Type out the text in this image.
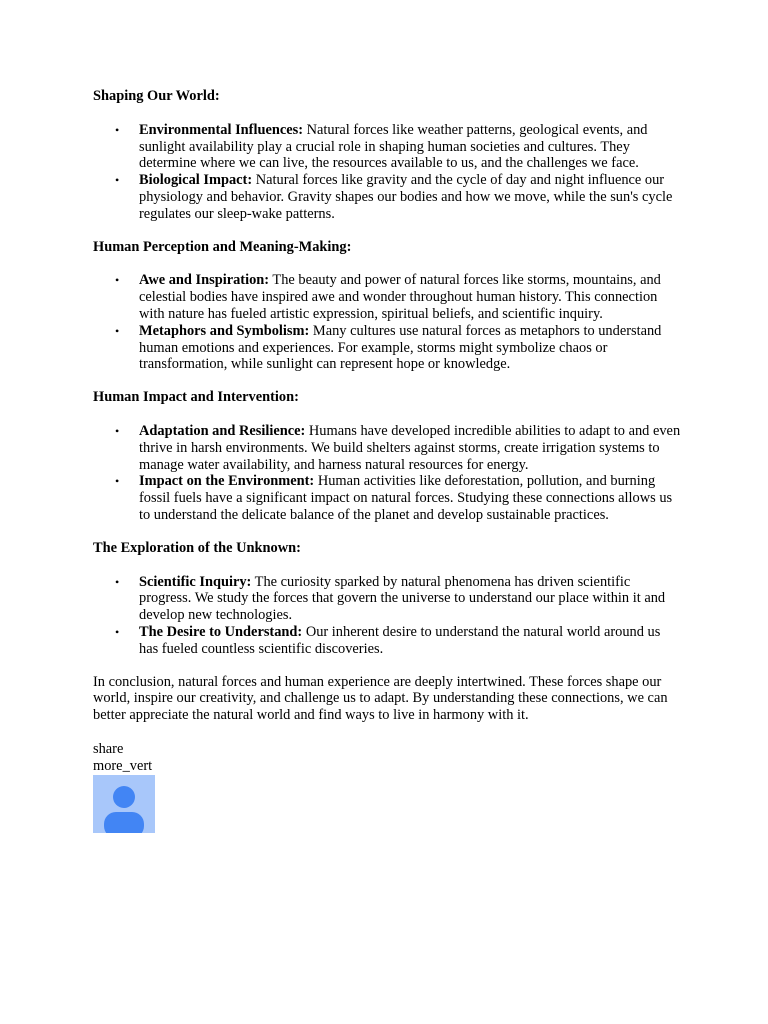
Shaping Our World:

• Environmental Influences: Natural forces like weather patterns, geological events, and sunlight availability play a crucial role in shaping human societies and cultures. They determine where we can live, the resources available to us, and the challenges we face.
• Biological Impact: Natural forces like gravity and the cycle of day and night influence our physiology and behavior. Gravity shapes our bodies and how we move, while the sun's cycle regulates our sleep-wake patterns.

Human Perception and Meaning-Making:

• Awe and Inspiration: The beauty and power of natural forces like storms, mountains, and celestial bodies have inspired awe and wonder throughout human history. This connection with nature has fueled artistic expression, spiritual beliefs, and scientific inquiry.
• Metaphors and Symbolism: Many cultures use natural forces as metaphors to understand human emotions and experiences. For example, storms might symbolize chaos or transformation, while sunlight can represent hope or knowledge.

Human Impact and Intervention:

• Adaptation and Resilience: Humans have developed incredible abilities to adapt to and even thrive in harsh environments. We build shelters against storms, create irrigation systems to manage water availability, and harness natural resources for energy.
• Impact on the Environment: Human activities like deforestation, pollution, and burning fossil fuels have a significant impact on natural forces. Studying these connections allows us to understand the delicate balance of the planet and develop sustainable practices.

The Exploration of the Unknown:

• Scientific Inquiry: The curiosity sparked by natural phenomena has driven scientific progress. We study the forces that govern the universe to understand our place within it and develop new technologies.
• The Desire to Understand: Our inherent desire to understand the natural world around us has fueled countless scientific discoveries.

In conclusion, natural forces and human experience are deeply intertwined. These forces shape our world, inspire our creativity, and challenge us to adapt. By understanding these connections, we can better appreciate the natural world and find ways to live in harmony with it.

share
more_vert
